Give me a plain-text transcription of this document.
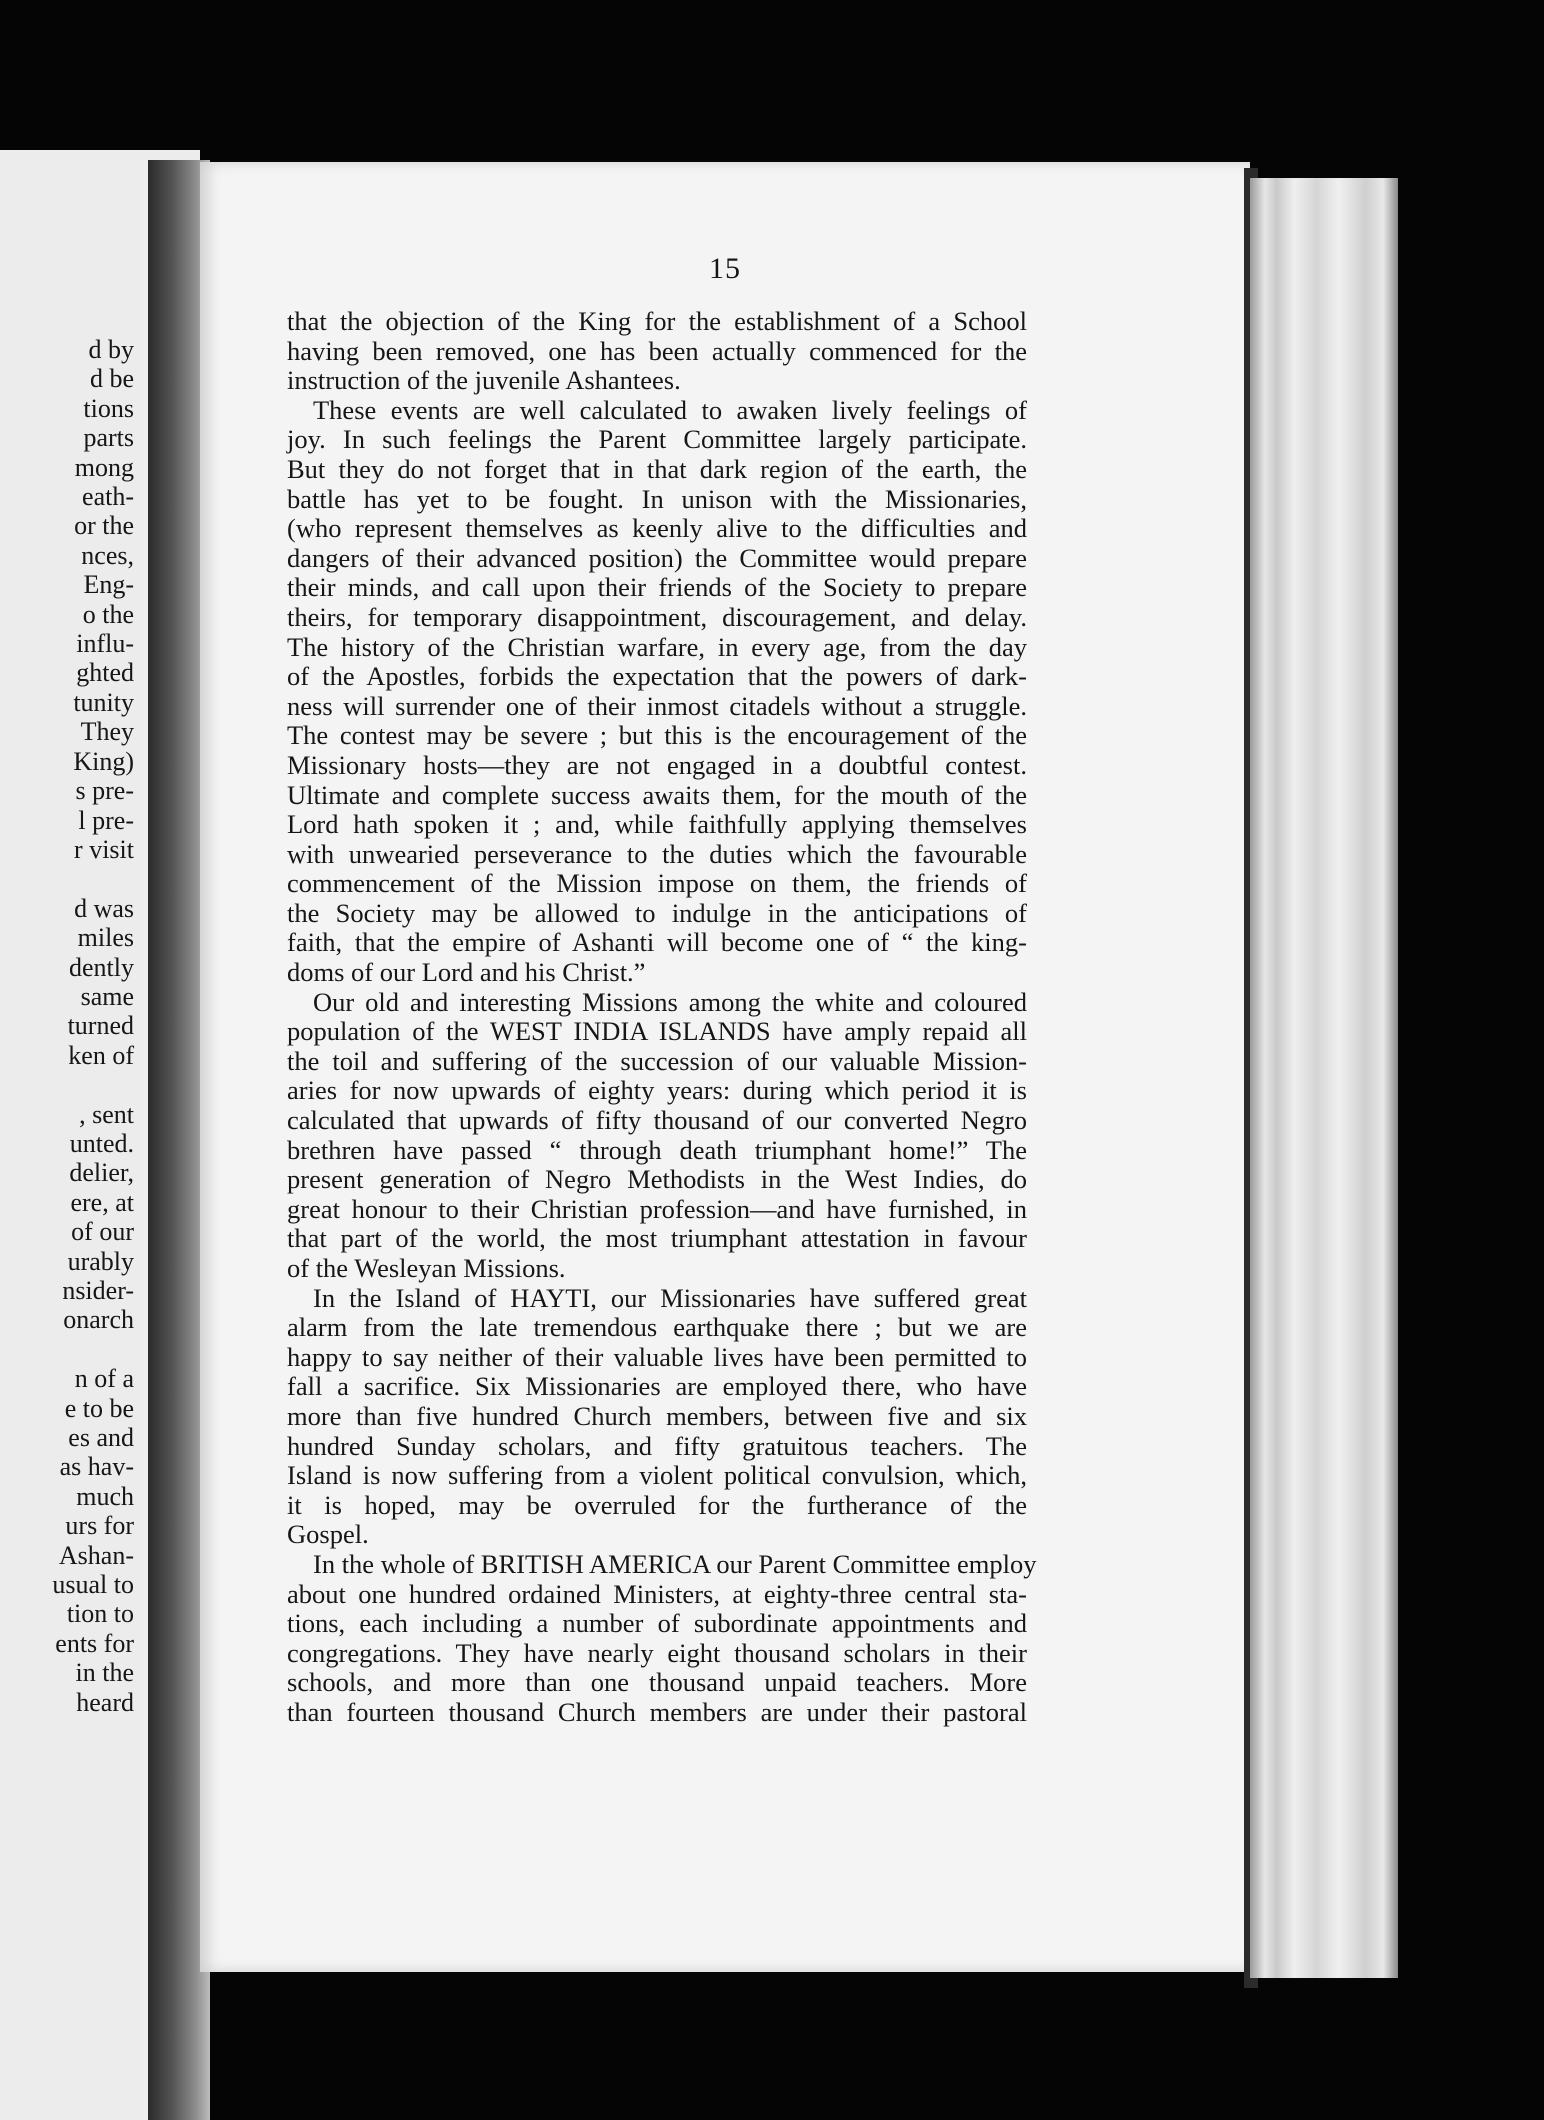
d by
d be
tions
parts
mong
eath-
or the
nces,
Eng-
o the
influ-
ghted
tunity
They
King)
s pre-
l pre-
r visit

d was
miles
dently
same
turned
ken of

, sent
unted.
delier,
ere, at
of our
urably
nsider-
onarch

n of a
e to be
es and
as hav-
much
urs for
Ashan-
usual to
tion to
ents for
in the
heard
15
that the objection of the King for the establishment of a School
having been removed, one has been actually commenced for the
instruction of the juvenile Ashantees.
These events are well calculated to awaken lively feelings of
joy. In such feelings the Parent Committee largely participate.
But they do not forget that in that dark region of the earth, the
battle has yet to be fought. In unison with the Missionaries,
(who represent themselves as keenly alive to the difficulties and
dangers of their advanced position) the Committee would prepare
their minds, and call upon their friends of the Society to prepare
theirs, for temporary disappointment, discouragement, and delay.
The history of the Christian warfare, in every age, from the day
of the Apostles, forbids the expectation that the powers of dark-
ness will surrender one of their inmost citadels without a struggle.
The contest may be severe ; but this is the encouragement of the
Missionary hosts—they are not engaged in a doubtful contest.
Ultimate and complete success awaits them, for the mouth of the
Lord hath spoken it ; and, while faithfully applying themselves
with unwearied perseverance to the duties which the favourable
commencement of the Mission impose on them, the friends of
the Society may be allowed to indulge in the anticipations of
faith, that the empire of Ashanti will become one of “ the king-
doms of our Lord and his Christ.”
Our old and interesting Missions among the white and coloured
population of the WEST INDIA ISLANDS have amply repaid all
the toil and suffering of the succession of our valuable Mission-
aries for now upwards of eighty years: during which period it is
calculated that upwards of fifty thousand of our converted Negro
brethren have passed “ through death triumphant home!” The
present generation of Negro Methodists in the West Indies, do
great honour to their Christian profession—and have furnished, in
that part of the world, the most triumphant attestation in favour
of the Wesleyan Missions.
In the Island of HAYTI, our Missionaries have suffered great
alarm from the late tremendous earthquake there ; but we are
happy to say neither of their valuable lives have been permitted to
fall a sacrifice. Six Missionaries are employed there, who have
more than five hundred Church members, between five and six
hundred Sunday scholars, and fifty gratuitous teachers. The
Island is now suffering from a violent political convulsion, which,
it is hoped, may be overruled for the furtherance of the
Gospel.
In the whole of BRITISH AMERICA our Parent Committee employ
about one hundred ordained Ministers, at eighty-three central sta-
tions, each including a number of subordinate appointments and
congregations. They have nearly eight thousand scholars in their
schools, and more than one thousand unpaid teachers. More
than fourteen thousand Church members are under their pastoral
